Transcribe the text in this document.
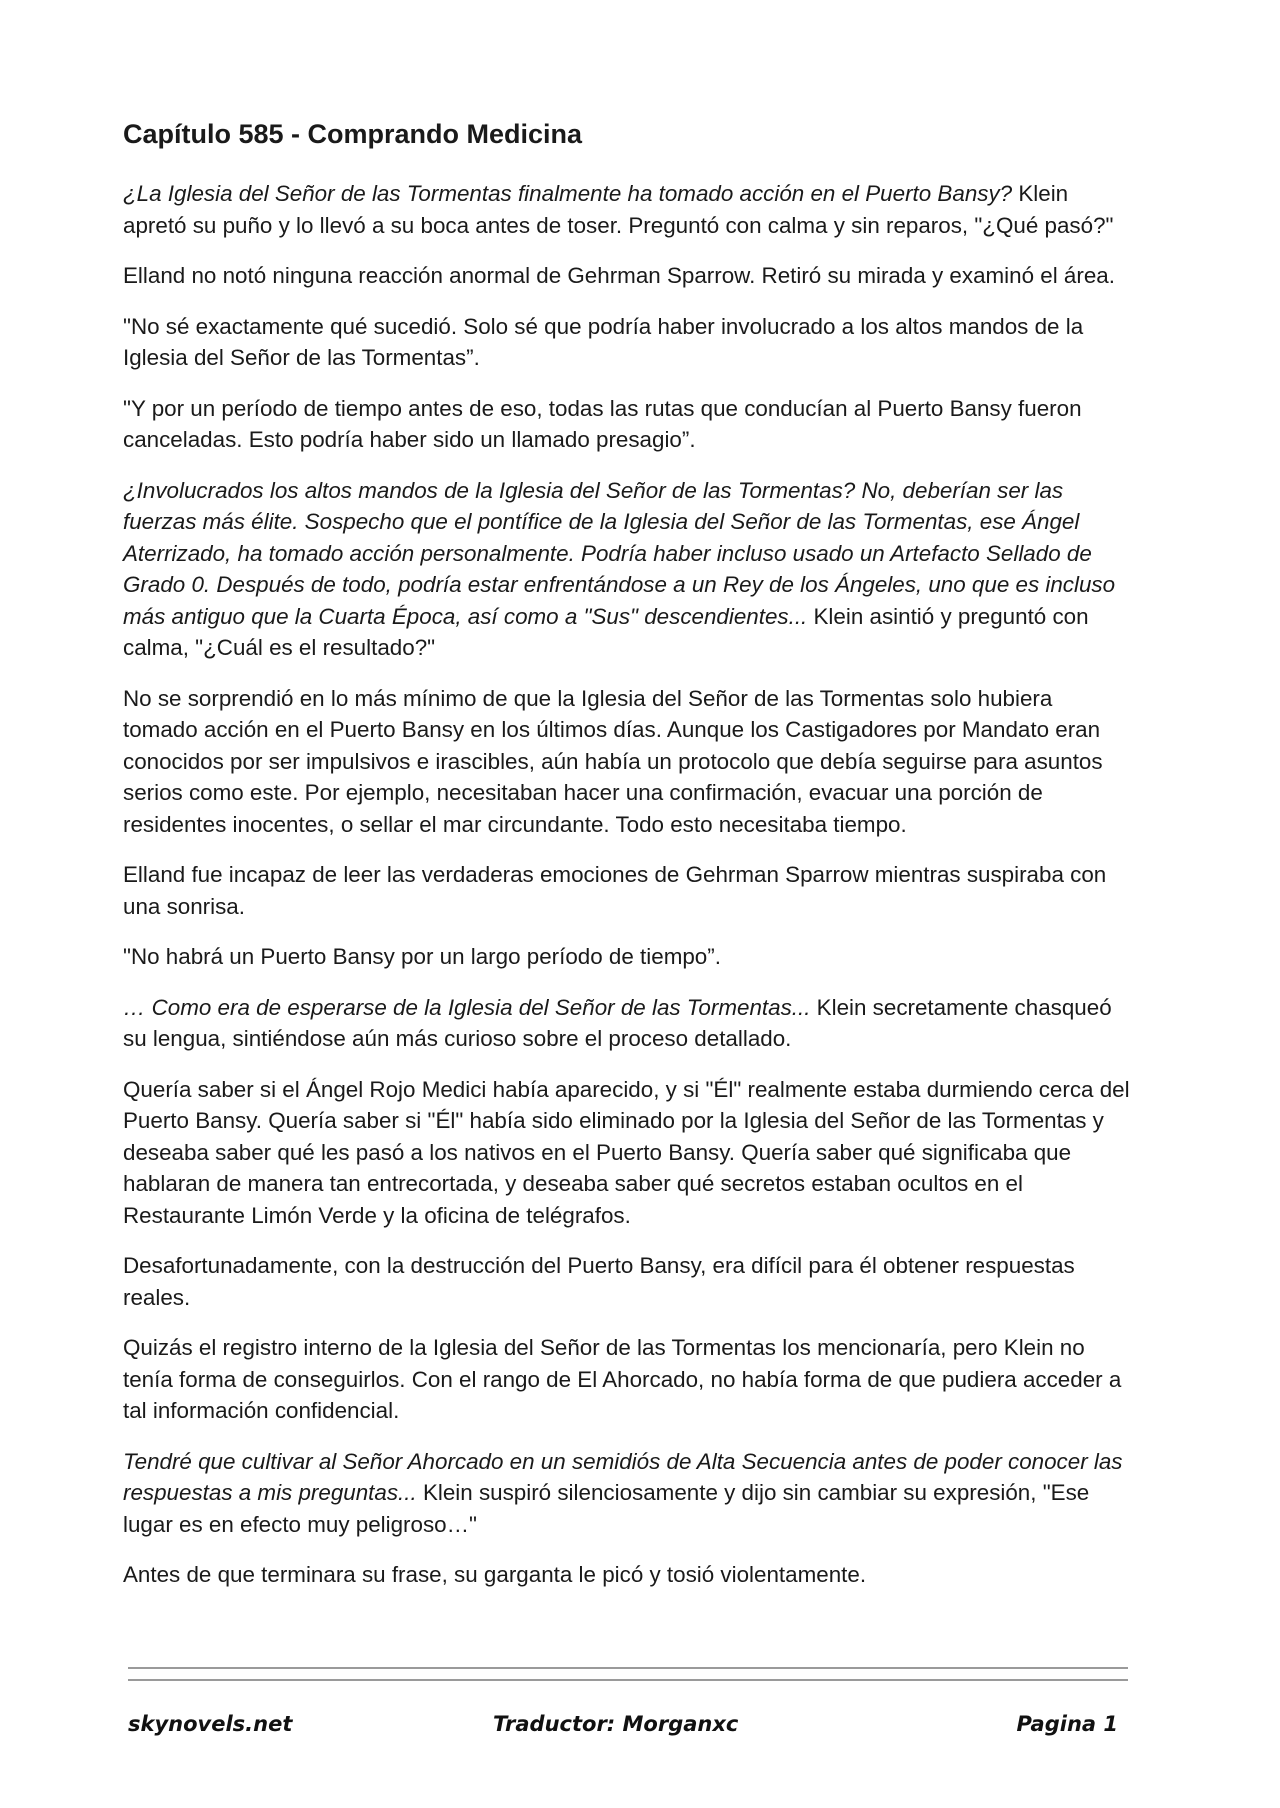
Capítulo 585 - Comprando Medicina

¿La Iglesia del Señor de las Tormentas finalmente ha tomado acción en el Puerto Bansy? Klein apretó su puño y lo llevó a su boca antes de toser. Preguntó con calma y sin reparos, "¿Qué pasó?"

Elland no notó ninguna reacción anormal de Gehrman Sparrow. Retiró su mirada y examinó el área.

"No sé exactamente qué sucedió. Solo sé que podría haber involucrado a los altos mandos de la Iglesia del Señor de las Tormentas”.

"Y por un período de tiempo antes de eso, todas las rutas que conducían al Puerto Bansy fueron canceladas. Esto podría haber sido un llamado presagio”.

¿Involucrados los altos mandos de la Iglesia del Señor de las Tormentas? No, deberían ser las fuerzas más élite. Sospecho que el pontífice de la Iglesia del Señor de las Tormentas, ese Ángel Aterrizado, ha tomado acción personalmente. Podría haber incluso usado un Artefacto Sellado de Grado 0. Después de todo, podría estar enfrentándose a un Rey de los Ángeles, uno que es incluso más antiguo que la Cuarta Época, así como a "Sus" descendientes... Klein asintió y preguntó con calma, "¿Cuál es el resultado?"

No se sorprendió en lo más mínimo de que la Iglesia del Señor de las Tormentas solo hubiera tomado acción en el Puerto Bansy en los últimos días. Aunque los Castigadores por Mandato eran conocidos por ser impulsivos e irascibles, aún había un protocolo que debía seguirse para asuntos serios como este. Por ejemplo, necesitaban hacer una confirmación, evacuar una porción de residentes inocentes, o sellar el mar circundante. Todo esto necesitaba tiempo.

Elland fue incapaz de leer las verdaderas emociones de Gehrman Sparrow mientras suspiraba con una sonrisa.

"No habrá un Puerto Bansy por un largo período de tiempo”.

… Como era de esperarse de la Iglesia del Señor de las Tormentas... Klein secretamente chasqueó su lengua, sintiéndose aún más curioso sobre el proceso detallado.

Quería saber si el Ángel Rojo Medici había aparecido, y si "Él" realmente estaba durmiendo cerca del Puerto Bansy. Quería saber si "Él" había sido eliminado por la Iglesia del Señor de las Tormentas y deseaba saber qué les pasó a los nativos en el Puerto Bansy. Quería saber qué significaba que hablaran de manera tan entrecortada, y deseaba saber qué secretos estaban ocultos en el Restaurante Limón Verde y la oficina de telégrafos.

Desafortunadamente, con la destrucción del Puerto Bansy, era difícil para él obtener respuestas reales.

Quizás el registro interno de la Iglesia del Señor de las Tormentas los mencionaría, pero Klein no tenía forma de conseguirlos. Con el rango de El Ahorcado, no había forma de que pudiera acceder a tal información confidencial.

Tendré que cultivar al Señor Ahorcado en un semidiós de Alta Secuencia antes de poder conocer las respuestas a mis preguntas... Klein suspiró silenciosamente y dijo sin cambiar su expresión, "Ese lugar es en efecto muy peligroso…"

Antes de que terminara su frase, su garganta le picó y tosió violentamente.

skynovels.net	Traductor: Morganxc	Pagina 1
